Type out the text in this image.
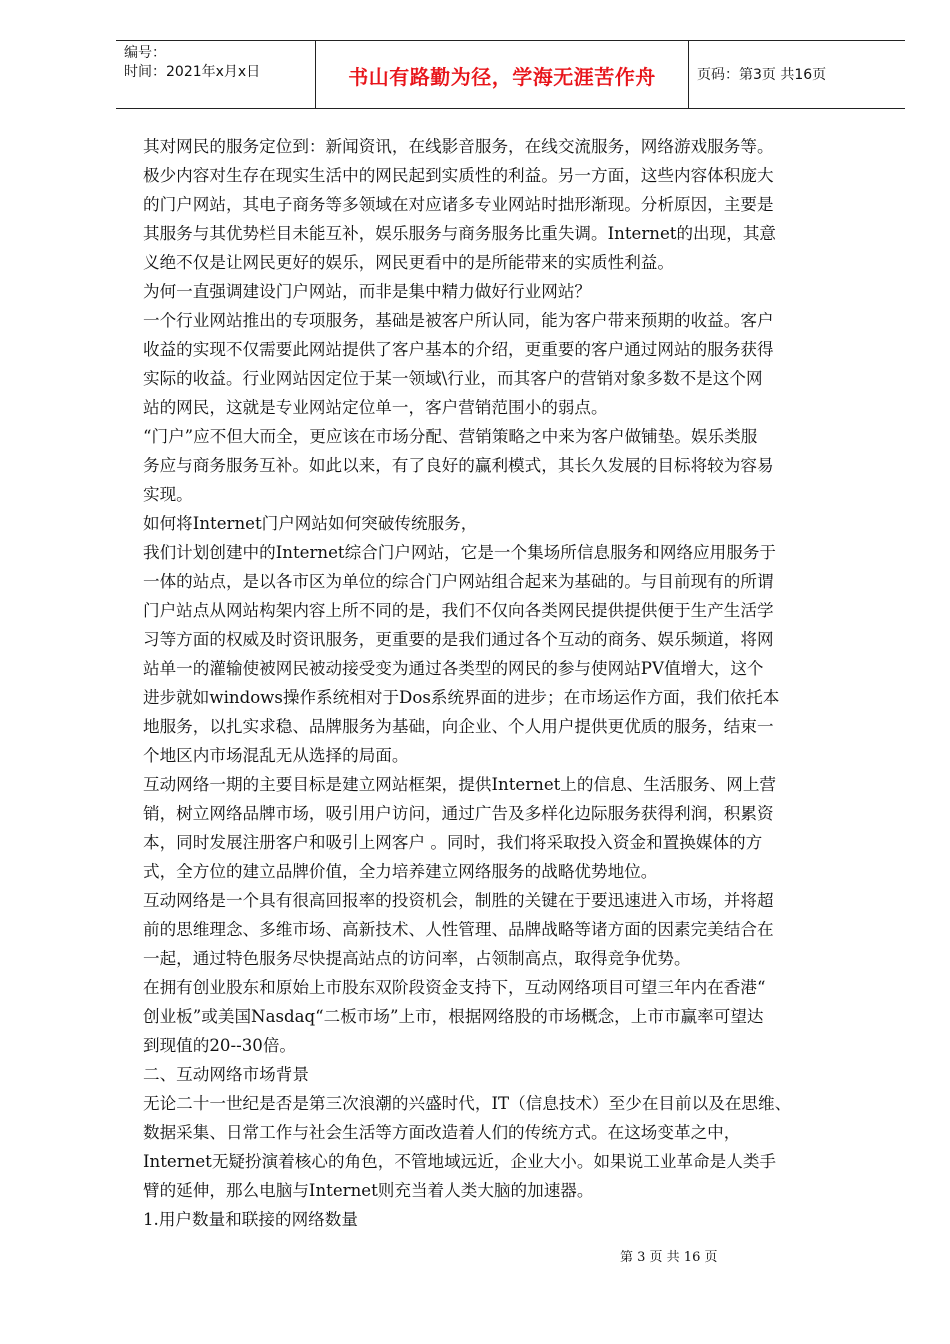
编号：
时间：2021年x月x日	书山有路勤为径，学海无涯苦作舟	页码：第3页 共16页
其对网民的服务定位到：新闻资讯，在线影音服务，在线交流服务，网络游戏服务等。
极少内容对生存在现实生活中的网民起到实质性的利益。另一方面，这些内容体积庞大
的门户网站，其电子商务等多领域在对应诸多专业网站时拙形渐现。分析原因，主要是
其服务与其优势栏目未能互补，娱乐服务与商务服务比重失调。Internet的出现，其意
义绝不仅是让网民更好的娱乐，网民更看中的是所能带来的实质性利益。
为何一直强调建设门户网站，而非是集中精力做好行业网站？
一个行业网站推出的专项服务，基础是被客户所认同，能为客户带来预期的收益。客户
收益的实现不仅需要此网站提供了客户基本的介绍，更重要的客户通过网站的服务获得
实际的收益。行业网站因定位于某一领域\行业，而其客户的营销对象多数不是这个网
站的网民，这就是专业网站定位单一，客户营销范围小的弱点。
“门户”应不但大而全，更应该在市场分配、营销策略之中来为客户做铺垫。娱乐类服
务应与商务服务互补。如此以来，有了良好的赢利模式，其长久发展的目标将较为容易
实现。
如何将Internet门户网站如何突破传统服务，
我们计划创建中的Internet综合门户网站，它是一个集场所信息服务和网络应用服务于
一体的站点，是以各市区为单位的综合门户网站组合起来为基础的。与目前现有的所谓
门户站点从网站构架内容上所不同的是，我们不仅向各类网民提供提供便于生产生活学
习等方面的权威及时资讯服务，更重要的是我们通过各个互动的商务、娱乐频道，将网
站单一的灌输使被网民被动接受变为通过各类型的网民的参与使网站PV值增大，这个
进步就如windows操作系统相对于Dos系统界面的进步；在市场运作方面，我们依托本
地服务，以扎实求稳、品牌服务为基础，向企业、个人用户提供更优质的服务，结束一
个地区内市场混乱无从选择的局面。
互动网络一期的主要目标是建立网站框架，提供Internet上的信息、生活服务、网上营
销，树立网络品牌市场，吸引用户访问，通过广告及多样化边际服务获得利润，积累资
本，同时发展注册客户和吸引上网客户 。同时，我们将采取投入资金和置换媒体的方
式，全方位的建立品牌价值，全力培养建立网络服务的战略优势地位。
互动网络是一个具有很高回报率的投资机会，制胜的关键在于要迅速进入市场，并将超
前的思维理念、多维市场、高新技术、人性管理、品牌战略等诸方面的因素完美结合在
一起，通过特色服务尽快提高站点的访问率，占领制高点，取得竞争优势。
在拥有创业股东和原始上市股东双阶段资金支持下，互动网络项目可望三年内在香港“
创业板”或美国Nasdaq“二板市场”上市，根据网络股的市场概念，上市市赢率可望达
到现值的20--30倍。
二、互动网络市场背景
无论二十一世纪是否是第三次浪潮的兴盛时代，IT（信息技术）至少在目前以及在思维、
数据采集、日常工作与社会生活等方面改造着人们的传统方式。在这场变革之中，
Internet无疑扮演着核心的角色，不管地域远近，企业大小。如果说工业革命是人类手
臂的延伸，那么电脑与Internet则充当着人类大脑的加速器。
1.用户数量和联接的网络数量
第 3 页 共 16 页
